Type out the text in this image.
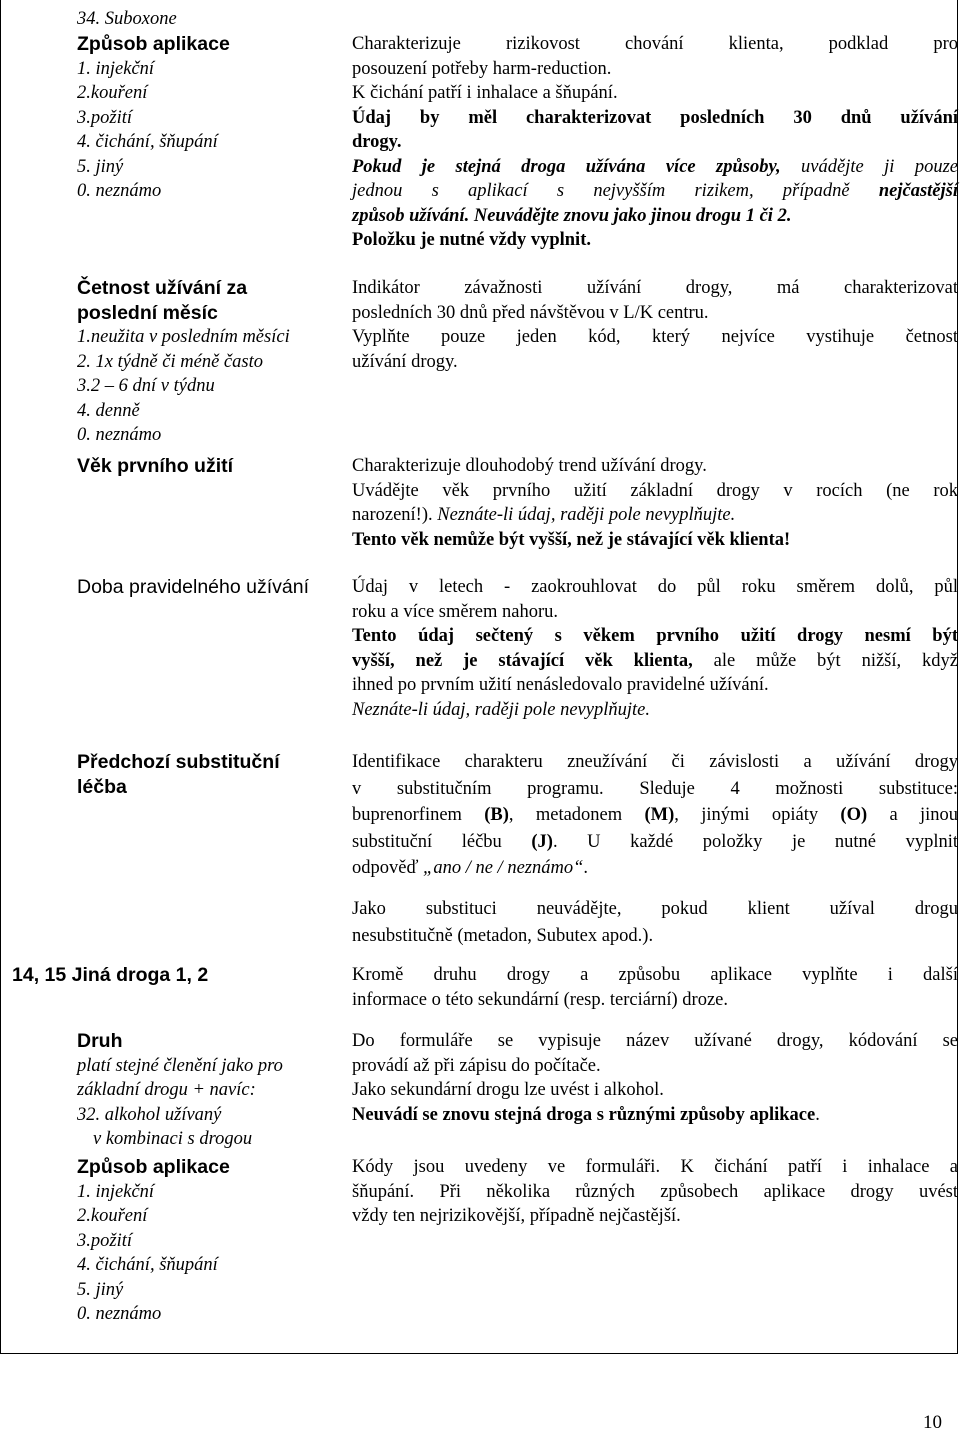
34. Suboxone
Způsob aplikace
1. injekční
2.kouření
3.požití
4. čichání, šňupání
5. jiný
0. neznámo
Četnost užívání za
poslední měsíc
1.neužita v posledním měsíci
2. 1x týdně či méně často
3.2 – 6 dní v týdnu
4. denně
0. neznámo
Věk prvního užití
Doba pravidelného užívání
Předchozí substituční
léčba
14, 15 Jiná droga 1, 2
Druh
platí stejné členění jako pro
základní drogu + navíc:
32. alkohol užívaný
v kombinaci s drogou
Způsob aplikace
1. injekční
2.kouření
3.požití
4. čichání, šňupání
5. jiný
0. neznámo
Charakterizuje rizikovost chování klienta, podklad pro
posouzení potřeby harm-reduction.
K čichání patří i inhalace a šňupání.
Údaj by měl charakterizovat posledních 30 dnů užívání
drogy.
Pokud je stejná droga užívána více způsoby, uvádějte ji pouze
jednou s aplikací s nejvyšším rizikem, případně nejčastější
způsob užívání. Neuvádějte znovu jako jinou drogu 1 či 2.
Položku je nutné vždy vyplnit.
Indikátor závažnosti užívání drogy, má charakterizovat
posledních 30 dnů před návštěvou v L/K centru.
Vyplňte pouze jeden kód, který nejvíce vystihuje četnost
užívání drogy.
Charakterizuje dlouhodobý trend užívání drogy.
Uvádějte věk prvního užití základní drogy v rocích (ne rok
narození!). Neznáte-li údaj, raději pole nevyplňujte.
Tento věk nemůže být vyšší, než je stávající věk klienta!
Údaj v letech - zaokrouhlovat do půl roku směrem dolů, půl
roku a více směrem nahoru.
Tento údaj sečtený s věkem prvního užití drogy nesmí být
vyšší, než je stávající věk klienta, ale může být nižší, když
ihned po prvním užití nenásledovalo pravidelné užívání.
Neznáte-li údaj, raději pole nevyplňujte.
Identifikace charakteru zneužívání či závislosti a užívání drogy
v substitučním programu. Sleduje 4 možnosti substituce:
buprenorfinem (B), metadonem (M), jinými opiáty (O) a jinou
substituční léčbu (J). U každé položky je nutné vyplnit
odpověď „ano / ne / neznámo“.
Jako substituci neuvádějte, pokud klient užíval drogu
nesubstitučně (metadon, Subutex apod.).
Kromě druhu drogy a způsobu aplikace vyplňte i další
informace o této sekundární (resp. terciární) droze.
Do formuláře se vypisuje název užívané drogy, kódování se
provádí až při zápisu do počítače.
Jako sekundární drogu lze uvést i alkohol.
Neuvádí se znovu stejná droga s různými způsoby aplikace.
Kódy jsou uvedeny ve formuláři. K čichání patří i inhalace a
šňupání. Při několika různých způsobech aplikace drogy uvést
vždy ten nejrizikovější, případně nejčastější.
10
